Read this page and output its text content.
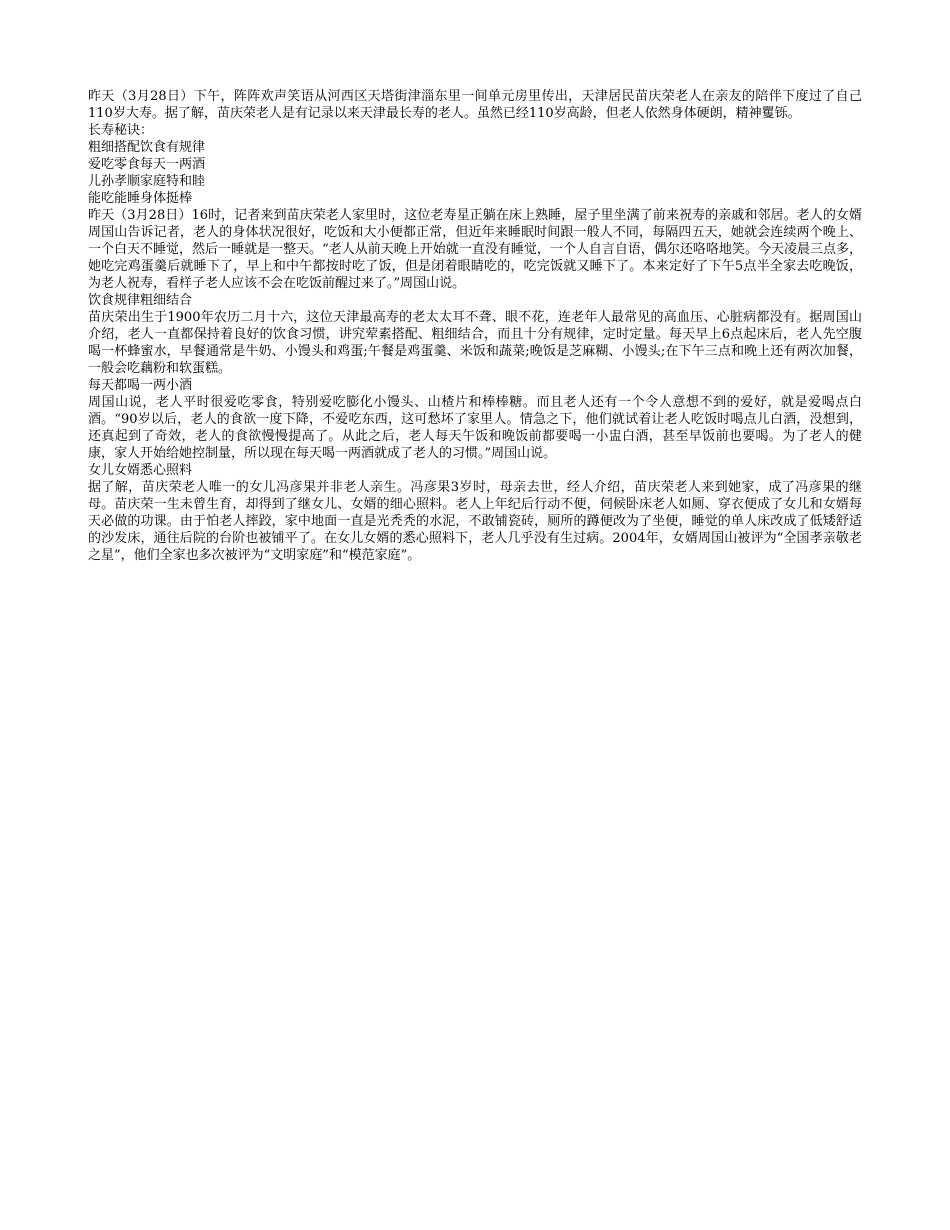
昨天（3月28日）下午，阵阵欢声笑语从河西区天塔街津淄东里一间单元房里传出，天津居民苗庆荣老人在亲友的陪伴下度过了自己110岁大寿。据了解，苗庆荣老人是有记录以来天津最长寿的老人。虽然已经110岁高龄，但老人依然身体硬朗，精神矍铄。

长寿秘诀：

粗细搭配饮食有规律

爱吃零食每天一两酒

儿孙孝顺家庭特和睦

能吃能睡身体挺棒

昨天（3月28日）16时，记者来到苗庆荣老人家里时，这位老寿星正躺在床上熟睡，屋子里坐满了前来祝寿的亲戚和邻居。老人的女婿周国山告诉记者，老人的身体状况很好，吃饭和大小便都正常，但近年来睡眠时间跟一般人不同，每隔四五天，她就会连续两个晚上、一个白天不睡觉，然后一睡就是一整天。“老人从前天晚上开始就一直没有睡觉，一个人自言自语，偶尔还咯咯地笑。今天凌晨三点多，她吃完鸡蛋羹后就睡下了，早上和中午都按时吃了饭，但是闭着眼睛吃的，吃完饭就又睡下了。本来定好了下午5点半全家去吃晚饭，为老人祝寿，看样子老人应该不会在吃饭前醒过来了。”周国山说。

饮食规律粗细结合

苗庆荣出生于1900年农历二月十六，这位天津最高寿的老太太耳不聋、眼不花，连老年人最常见的高血压、心脏病都没有。据周国山介绍，老人一直都保持着良好的饮食习惯，讲究荤素搭配、粗细结合，而且十分有规律，定时定量。每天早上6点起床后，老人先空腹喝一杯蜂蜜水，早餐通常是牛奶、小馒头和鸡蛋;午餐是鸡蛋羹、米饭和蔬菜;晚饭是芝麻糊、小馒头;在下午三点和晚上还有两次加餐，一般会吃藕粉和软蛋糕。

每天都喝一两小酒

周国山说，老人平时很爱吃零食，特别爱吃膨化小馒头、山楂片和棒棒糖。而且老人还有一个令人意想不到的爱好，就是爱喝点白酒。“90岁以后，老人的食欲一度下降，不爱吃东西，这可愁坏了家里人。情急之下，他们就试着让老人吃饭时喝点儿白酒，没想到，还真起到了奇效，老人的食欲慢慢提高了。从此之后，老人每天午饭和晚饭前都要喝一小盅白酒，甚至早饭前也要喝。为了老人的健康，家人开始给她控制量，所以现在每天喝一两酒就成了老人的习惯。”周国山说。

女儿女婿悉心照料

据了解，苗庆荣老人唯一的女儿冯彦果并非老人亲生。冯彦果3岁时，母亲去世，经人介绍，苗庆荣老人来到她家，成了冯彦果的继母。苗庆荣一生未曾生育，却得到了继女儿、女婿的细心照料。老人上年纪后行动不便，伺候卧床老人如厕、穿衣便成了女儿和女婿每天必做的功课。由于怕老人摔跤，家中地面一直是光秃秃的水泥，不敢铺瓷砖，厕所的蹲便改为了坐便，睡觉的单人床改成了低矮舒适的沙发床，通往后院的台阶也被铺平了。在女儿女婿的悉心照料下，老人几乎没有生过病。2004年，女婿周国山被评为“全国孝亲敬老之星”，他们全家也多次被评为“文明家庭”和“模范家庭”。
